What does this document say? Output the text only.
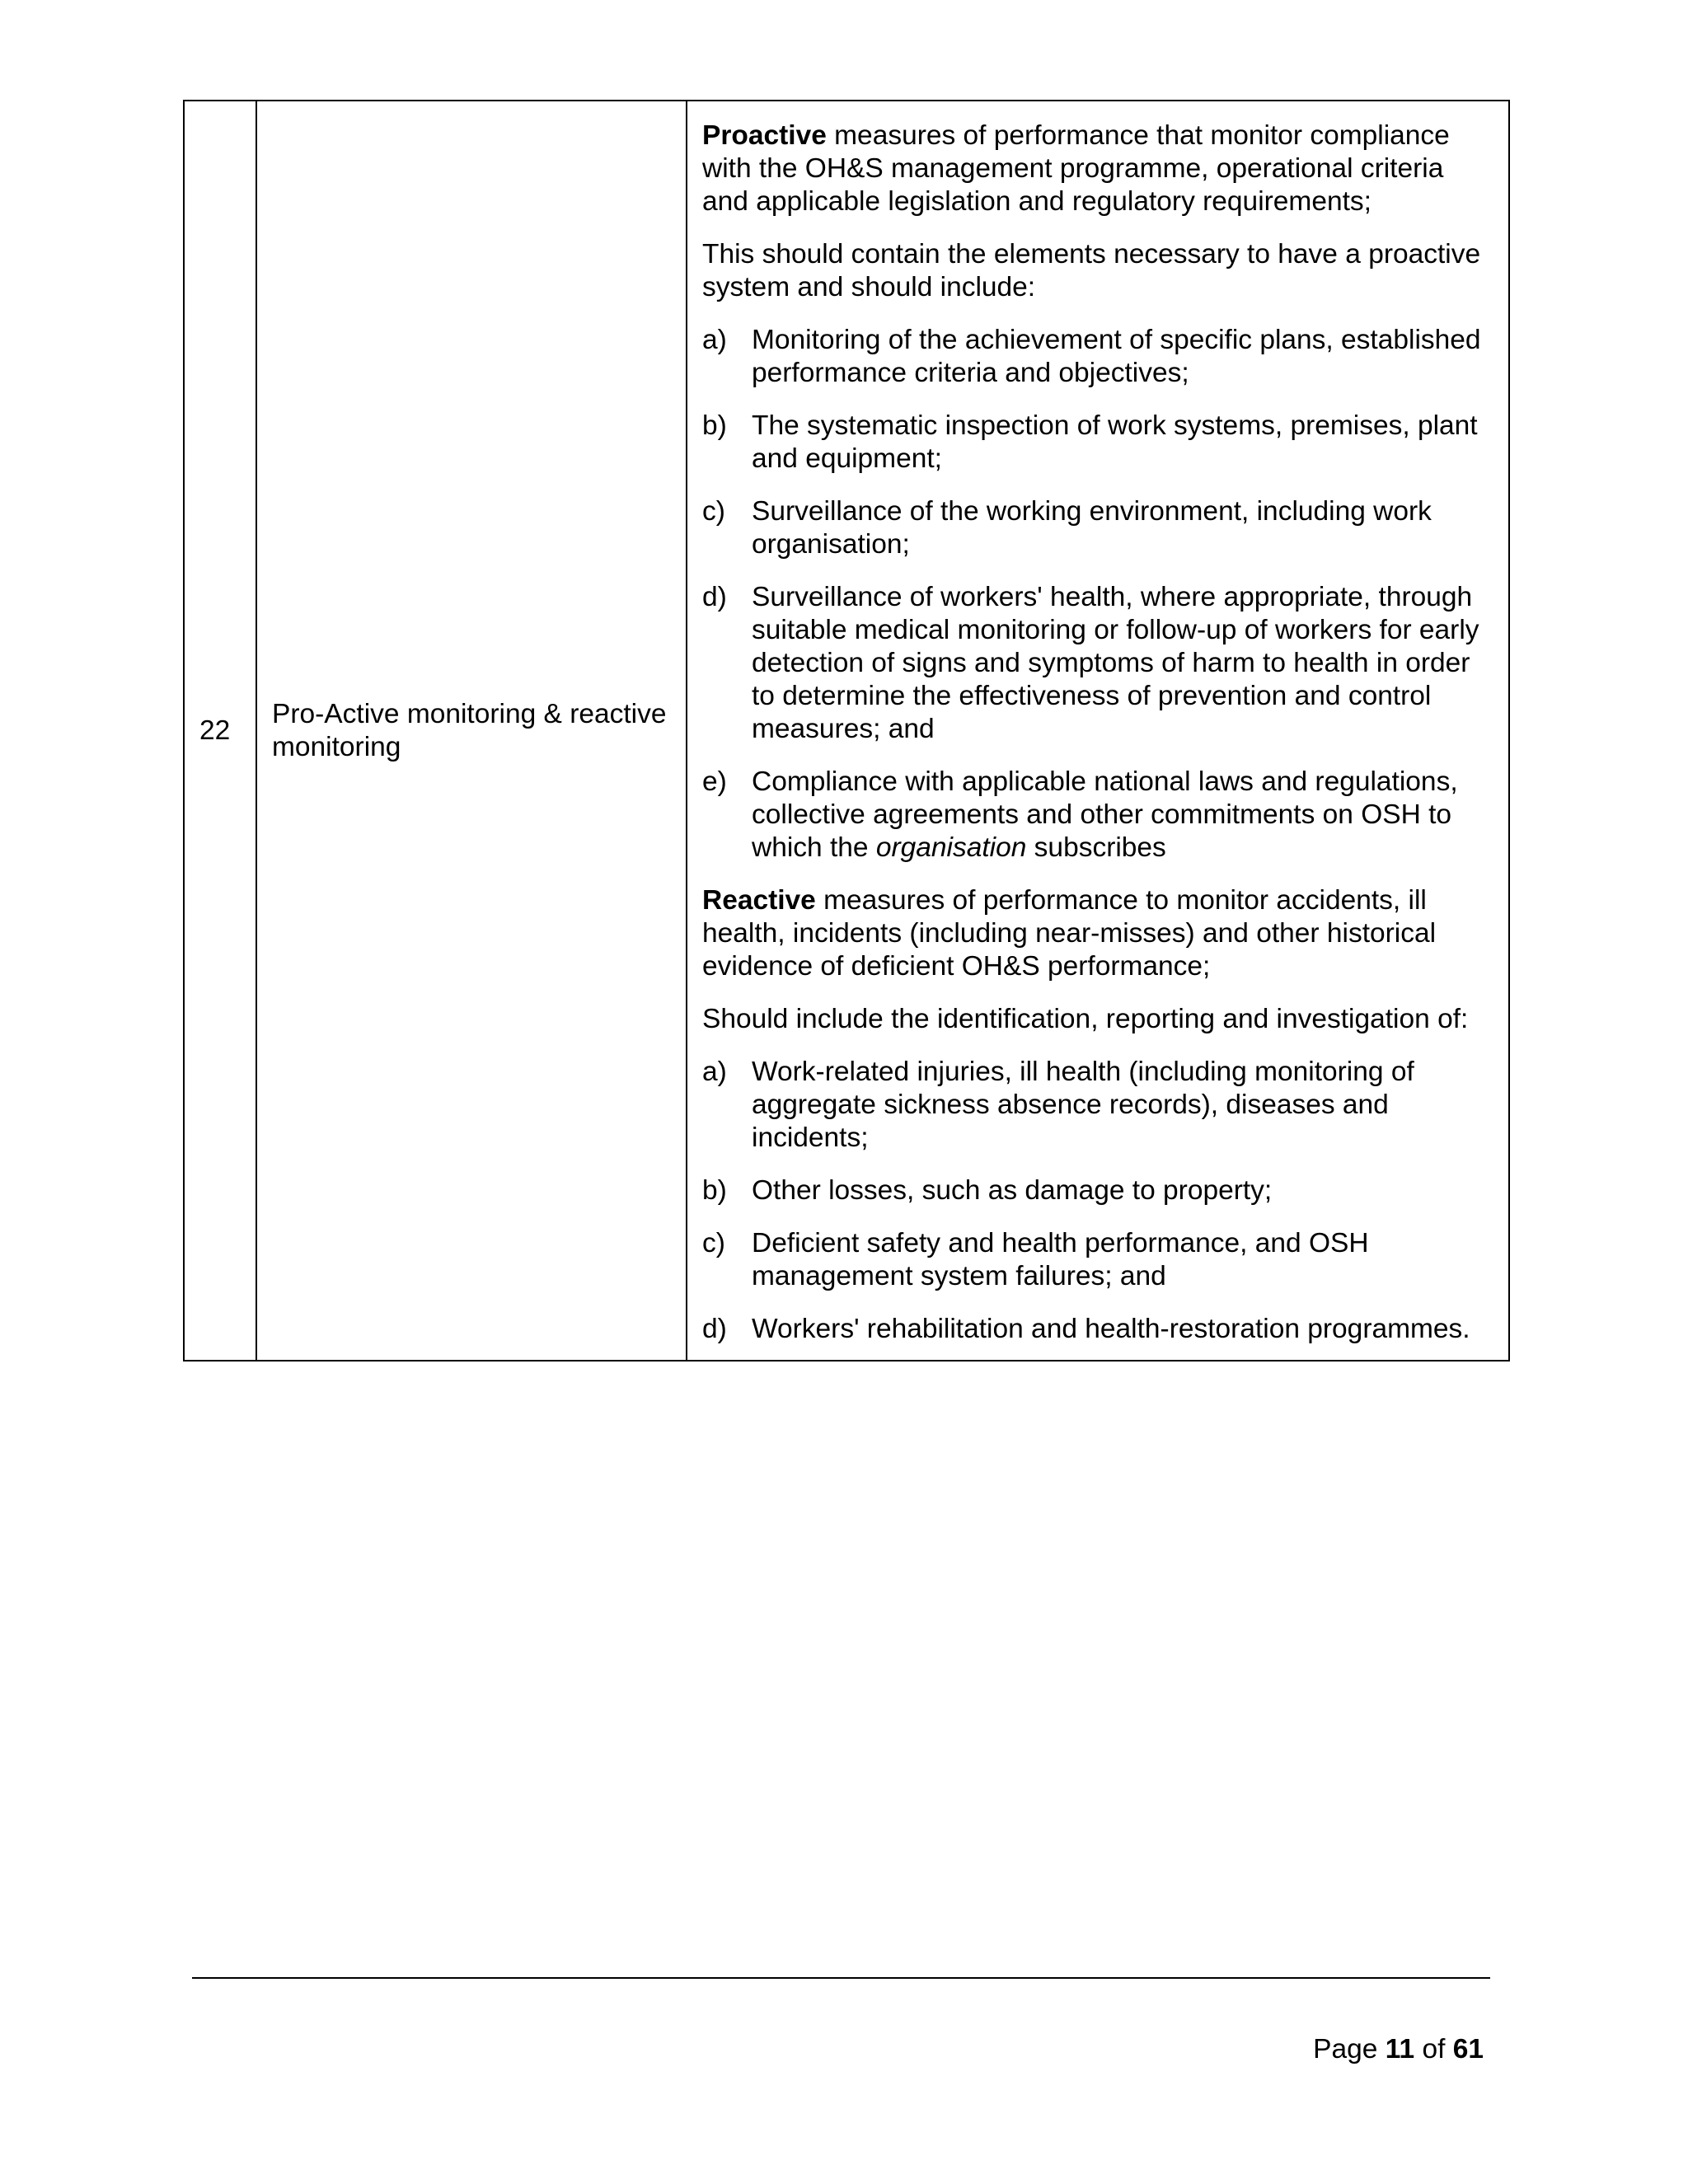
22	Pro-Active monitoring & reactive monitoring	

Proactive measures of performance that monitor compliance with the OH&S management programme, operational criteria and applicable legislation and regulatory requirements;

This should contain the elements necessary to have a proactive system and should include:

a) Monitoring of the achievement of specific plans, established performance criteria and objectives;
b) The systematic inspection of work systems, premises, plant and equipment;
c) Surveillance of the working environment, including work organisation;
d) Surveillance of workers' health, where appropriate, through suitable medical monitoring or follow-up of workers for early detection of signs and symptoms of harm to health in order to determine the effectiveness of prevention and control measures; and
e) Compliance with applicable national laws and regulations, collective agreements and other commitments on OSH to which the organisation subscribes

Reactive measures of performance to monitor accidents, ill health, incidents (including near-misses) and other historical evidence of deficient OH&S performance;

Should include the identification, reporting and investigation of:

a) Work-related injuries, ill health (including monitoring of aggregate sickness absence records), diseases and incidents;
b) Other losses, such as damage to property;
c) Deficient safety and health performance, and OSH management system failures; and
d) Workers' rehabilitation and health-restoration programmes.
Page 11 of 61
